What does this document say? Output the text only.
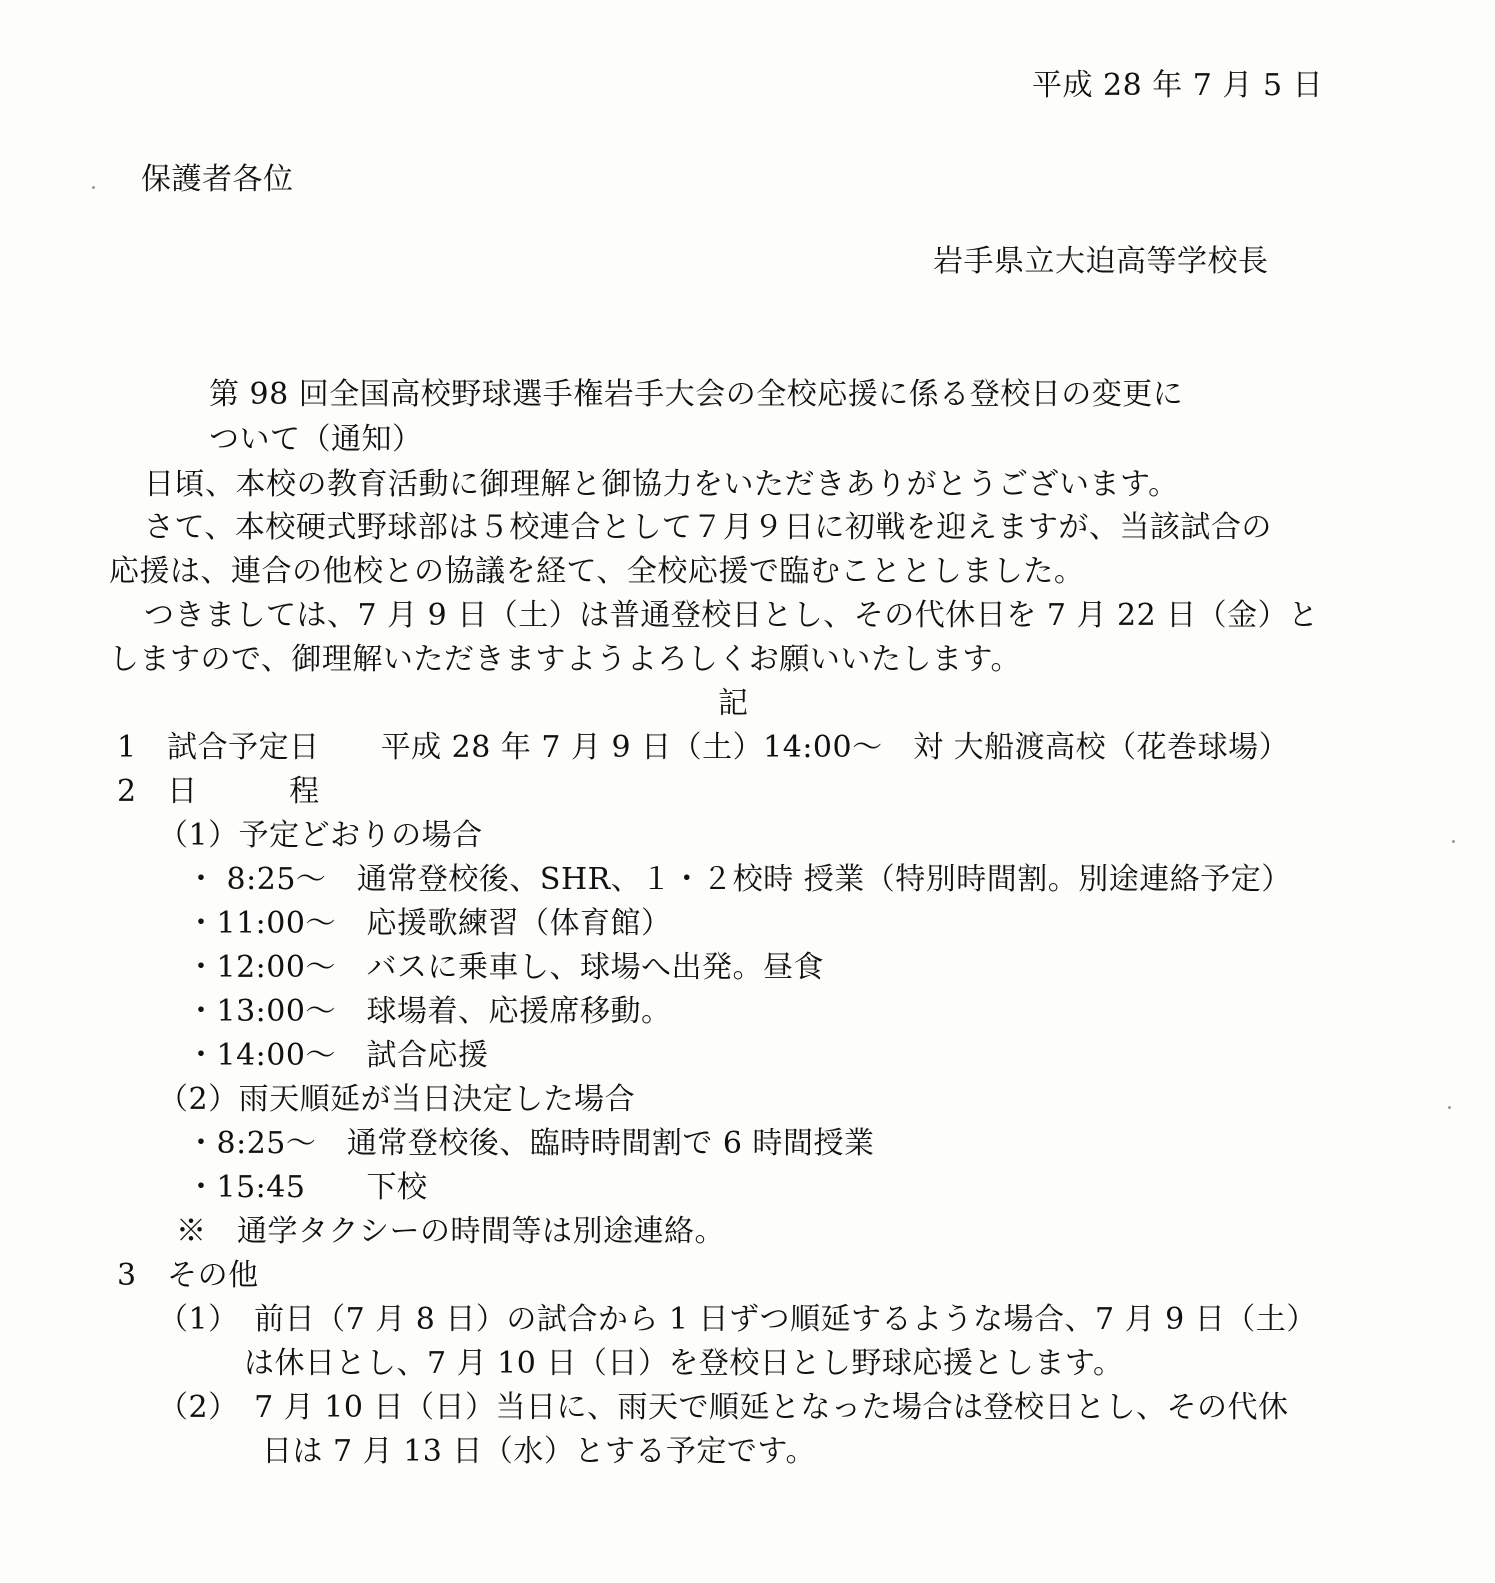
平成 28 年 7 月 5 日
保護者各位
岩手県立大迫高等学校長
第 98 回全国高校野球選手権岩手大会の全校応援に係る登校日の変更に
ついて（通知）
日頃、本校の教育活動に御理解と御協力をいただきありがとうございます。
さて、本校硬式野球部は５校連合として７月９日に初戦を迎えますが、当該試合の
応援は、連合の他校との協議を経て、全校応援で臨むこととしました。
つきましては、7 月 9 日（土）は普通登校日とし、その代休日を 7 月 22 日（金）と
しますので、御理解いただきますようよろしくお願いいたします。
記
1　試合予定日　　平成 28 年 7 月 9 日（土）14:00～　対 大船渡高校（花巻球場）
2　日　　　程
（1）予定どおりの場合
・ 8:25～　通常登校後、SHR、１・２校時 授業（特別時間割。別途連絡予定）
・11:00～　応援歌練習（体育館）
・12:00～　バスに乗車し、球場へ出発。昼食
・13:00～　球場着、応援席移動。
・14:00～　試合応援
（2）雨天順延が当日決定した場合
・8:25～　通常登校後、臨時時間割で 6 時間授業
・15:45　　下校
※　通学タクシーの時間等は別途連絡。
3　その他
（1）　前日（7 月 8 日）の試合から 1 日ずつ順延するような場合、7 月 9 日（土）
は休日とし、7 月 10 日（日）を登校日とし野球応援とします。
（2）　7 月 10 日（日）当日に、雨天で順延となった場合は登校日とし、その代休
日は 7 月 13 日（水）とする予定です。
